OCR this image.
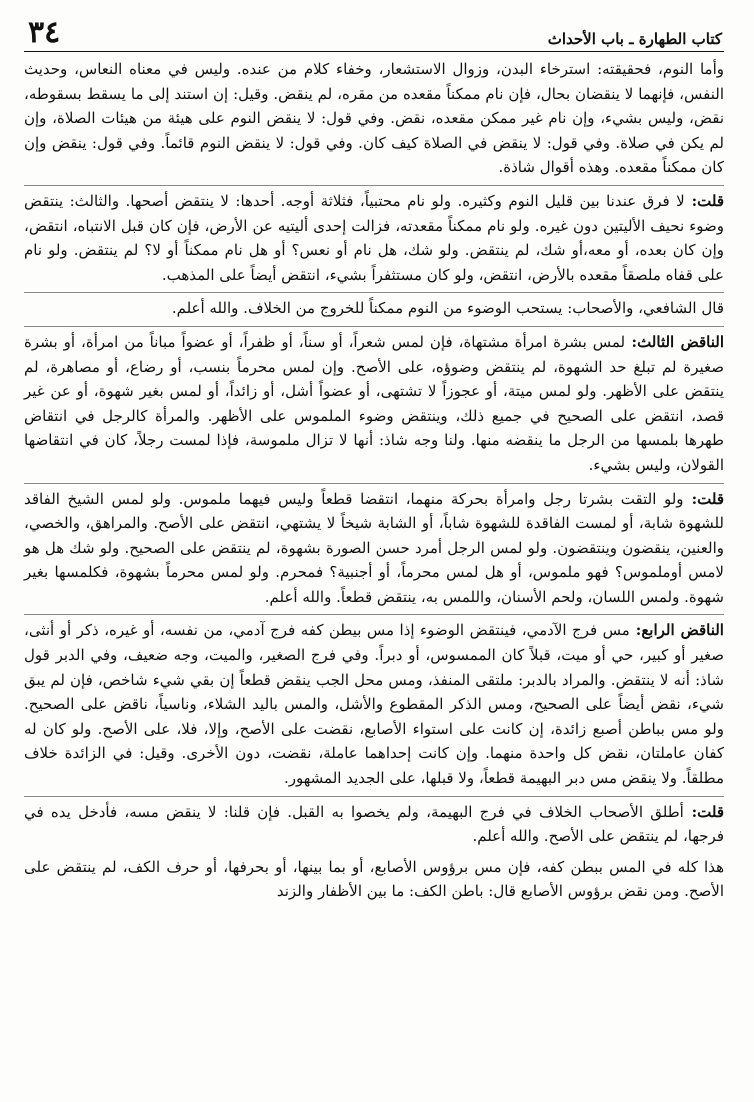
٣٤	كتاب الطهارة ـ باب الأحداث

وأما النوم، فحقيقته: استرخاء البدن، وزوال الاستشعار، وخفاء كلام من عنده. وليس في معناه النعاس، وحديث النفس، فإنهما لا ينقضان بحال، فإن نام ممكناً مقعده من مقره، لم ينقض. وقيل: إن استند إلى ما يسقط بسقوطه، نقض، وليس بشيء، وإن نام غير ممكن مقعده، نقض. وفي قول: لا ينقض النوم على هيئة من هيئات الصلاة، وإن لم يكن في صلاة. وفي قول: لا ينقض في الصلاة كيف كان. وفي قول: لا ينقض النوم قائماً. وفي قول: ينقض وإن كان ممكناً مقعده. وهذه أقوال شاذة.

قلت : لا فرق عندنا بين قليل النوم وكثيره. ولو نام محتبياً، فثلاثة أوجه. أحدها: لا ينتقض أصحها. والثالث: ينتقض وضوء نحيف الأليتين دون غيره. ولو نام ممكناً مقعدته، فزالت إحدى أليتيه عن الأرض، فإن كان قبل الانتباه، انتقض، وإن كان بعده، أو معه،أو شك، لم ينتقض. ولو شك، هل نام أو نعس؟ أو هل نام ممكناً أو لا؟ لم ينتقض. ولو نام على قفاه ملصقاً مقعده بالأرض، انتقض، ولو كان مستثفراً بشيء، انتقض أيضاً على المذهب.

قال الشافعي، والأصحاب: يستحب الوضوء من النوم ممكناً للخروج من الخلاف. والله أعلم.

الناقض الثالث : لمس بشرة امرأة مشتهاة، فإن لمس شعراً، أو سناً، أو ظفراً، أو عضواً مباناً من امرأة، أو بشرة صغيرة لم تبلغ حد الشهوة، لم ينتقض وضوؤه، على الأصح. وإن لمس محرماً بنسب، أو رضاع، أو مصاهرة، لم ينتقض على الأظهر. ولو لمس ميتة، أو عجوزاً لا تشتهى، أو عضواً أشل، أو زائداً، أو لمس بغير شهوة، أو عن غير قصد، انتقض على الصحيح في جميع ذلك، وينتقض وضوء الملموس على الأظهر. والمرأة كالرجل في انتقاض طهرها بلمسها من الرجل ما ينقضه منها. ولنا وجه شاذ: أنها لا تزال ملموسة، فإذا لمست رجلاً، كان في انتقاضها القولان، وليس بشيء.

قلت : ولو التقت بشرتا رجل وامرأة بحركة منهما، انتقضا قطعاً وليس فيهما ملموس. ولو لمس الشيخ الفاقد للشهوة شابة، أو لمست الفاقدة للشهوة شاباً، أو الشابة شيخاً لا يشتهي، انتقض على الأصح. والمراهق، والخصي، والعنين، ينقضون وينتقضون. ولو لمس الرجل أمرد حسن الصورة بشهوة، لم ينتقض على الصحيح. ولو شك هل هو لامس أوملموس؟ فهو ملموس، أو هل لمس محرماً، أو أجنبية؟ فمحرم. ولو لمس محرماً بشهوة، فكلمسها بغير شهوة. ولمس اللسان، ولحم الأسنان، واللمس به، ينتقض قطعاً. والله أعلم.

الناقض الرابع : مس فرج الآدمي، فينتقض الوضوء إذا مس بيطن كفه فرج آدمي، من نفسه، أو غيره، ذكر أو أنثى، صغير أو كبير، حي أو ميت، قبلاً كان الممسوس، أو دبراً. وفي فرج الصغير، والميت، وجه ضعيف، وفي الدبر قول شاذ: أنه لا ينتقض. والمراد بالدبر: ملتقى المنفذ، ومس محل الجب ينقض قطعاً إن بقي شيء شاخص، فإن لم يبق شيء، نقض أيضاً على الصحيح، ومس الذكر المقطوع والأشل، والمس باليد الشلاء، وناسياً، ناقض على الصحيح. ولو مس بباطن أصبع زائدة، إن كانت على استواء الأصابع، نقضت على الأصح، وإلا، فلا، على الأصح. ولو كان له كفان عاملتان، نقض كل واحدة منهما. وإن كانت إحداهما عاملة، نقضت، دون الأخرى. وقيل: في الزائدة خلاف مطلقاً. ولا ينقض مس دبر البهيمة قطعاً، ولا قبلها، على الجديد المشهور.

قلت : أطلق الأصحاب الخلاف في فرج البهيمة، ولم يخصوا به القبل. فإن قلنا: لا ينقض مسه، فأدخل يده في فرجها، لم ينتقض على الأصح. والله أعلم.

هذا كله في المس ببطن كفه، فإن مس برؤوس الأصابع، أو بما بينها، أو بحرفها، أو حرف الكف، لم ينتقض على الأصح. ومن نقض برؤوس الأصابع قال: باطن الكف: ما بين الأظفار والزند
